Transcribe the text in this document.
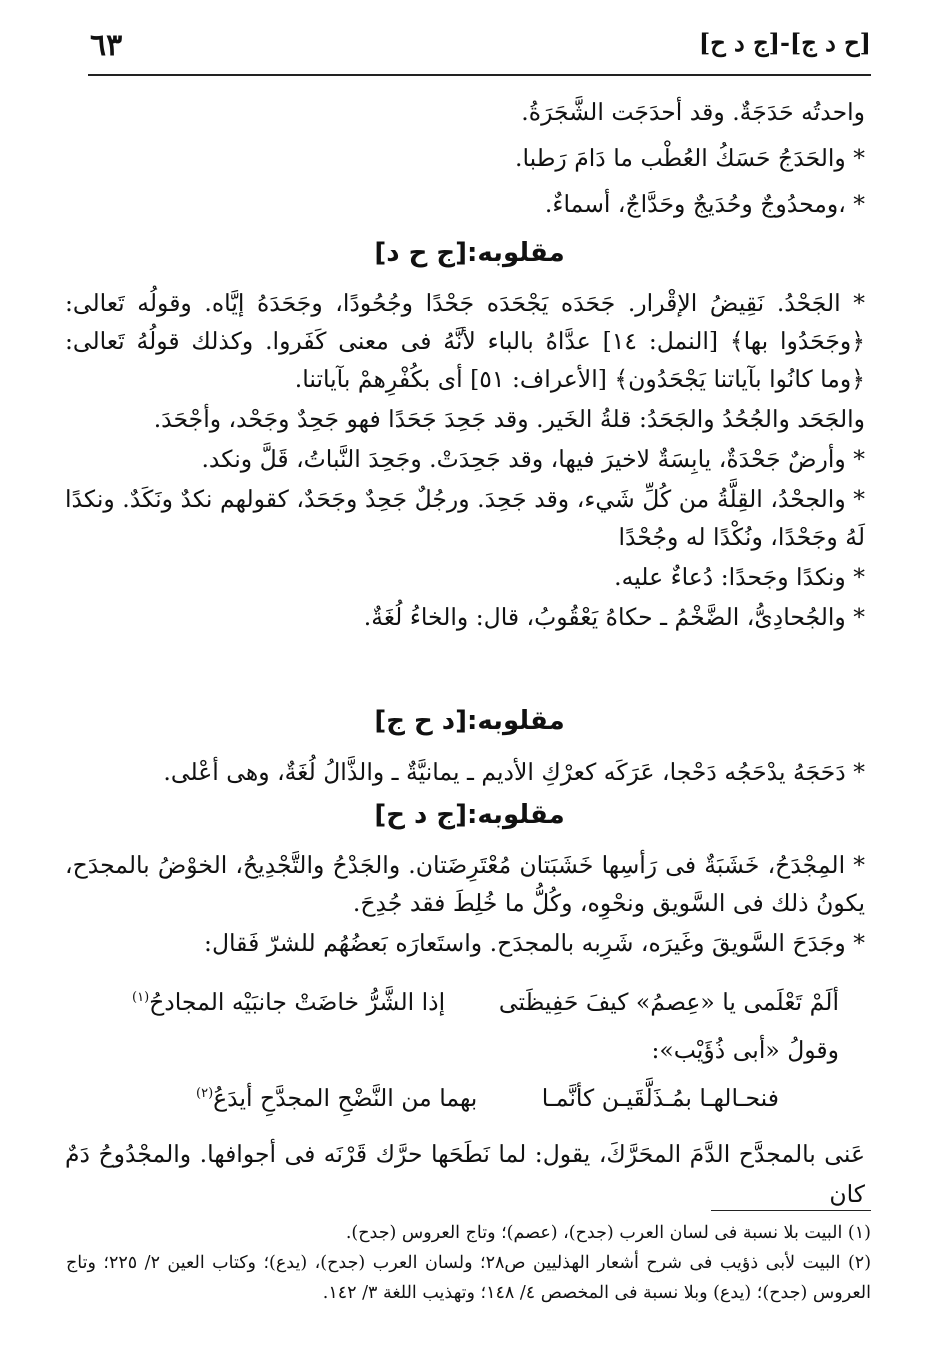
٦٣	[ح د ج]-[ج د ح]

واحدتُه حَدَجَةٌ. وقد أحدَجَت الشَّجَرَةُ.

* والحَدَجُ حَسَكُ العُطْب ما دَامَ رَطبا.

* ،ومحدُوجٌ وحُدَيجٌ وحَدَّاجٌ، أسماءٌ.

مقلوبه:[ج ح د]

* الجَحْدُ. نَقِيضُ الإقْرار. جَحَدَه يَجْحَدَه جَحْدًا وجُحُودًا، وجَحَدَهُ إيَّاه. وقولُه تَعالى: ﴿وجَحَدُوا بها﴾ [النمل: ١٤] عدَّاهُ بالباء لأنَّهُ فى معنى كَفَروا. وكذلك قولُهُ تَعالى: ﴿وما كانُوا بآياتنا يَجْحَدُون﴾ [الأعراف: ٥١] أى بكُفْرِهمْ بآياتنا.

والجَحَد والجُحُدُ والجَحَدُ: قلةُ الخَير. وقد جَحِدَ جَحَدًا فهو جَحِدٌ وجَحْد، وأجْحَدَ.

* وأرضٌ جَحْدَةٌ، يابِسَةٌ لاخيرَ فيها، وقد جَحِدَتْ. وجَحِدَ النَّباتُ، قَلَّ ونكد.

* والجحْدُ، القِلَّةُ من كُلِّ شَيء، وقد جَحِدَ. ورجُلٌ جَحِدٌ وجَحَدٌ، كقولهم نكدٌ ونَكَدٌ. ونكدًا لَهُ وجَحْدًا، ونُكْدًا له وجُحْدًا

* ونكدًا وجَحدًا: دُعاءٌ عليه.

* والجُحادِىُّ، الضَّخْمُ ـ حكاهُ يَعْقُوبُ، قال: والخاءُ لُغَةٌ.

مقلوبه:[د ح ج]

* دَحَجَهُ يدْحَجُه دَحْجا، عَرَكَه كعرْكِ الأديم ـ يمانيَّةٌ ـ والذَّالُ لُغَةٌ، وهى أعْلى.

مقلوبه:[ج د ح]

* المِجْدَحُ، خَشَبَةٌ فى رَأسِها خَشَبَتان مُعْتَرِضَتان. والجَدْحُ والتَّجْدِيحُ، الخوْضُ بالمجدَح، يكونُ ذلك فى السَّويق ونحْوِه، وكُلُّ ما خُلِطَ فقد جُدِحَ.

* وجَدَحَ السَّويقَ وغَيرَه، شَرِبه بالمجدَح. واستَعارَه بَعضُهُم للشرّ فَقال:

ألَمْ تَعْلَمى يا «عِصمُ» كيفَ حَفِيظَتى
إذا الشَّرُّ خاضَتْ جانبَيْه المجادحُ$^{(١)}$
وقولُ «أبى ذُؤَيْب»:
فنحـالهـا بمُـذَلَّقَيـن كأنَّمـا
بهما من النَّضْحِ المجدَّحِ أيدَعُ$^{(٢)}$

عَنى بالمجدَّح الدَّمَ المحَرَّكَ، يقول: لما نَطَحَها حرَّك قَرْنَه فى أجوافها. والمجْدُوحُ دَمٌ كان

(١) البيت بلا نسبة فى لسان العرب (جدح)، (عصم)؛ وتاج العروس (جدح).
(٢) البيت لأبى ذؤيب فى شرح أشعار الهذليين ص٢٨؛ ولسان العرب (جدح)، (يدع)؛ وكتاب العين ٢/ ٢٢٥؛ وتاج العروس (جدح)؛ (يدع) وبلا نسبة فى المخصص ٤/ ١٤٨؛ وتهذيب اللغة ٣/ ١٤٢.
